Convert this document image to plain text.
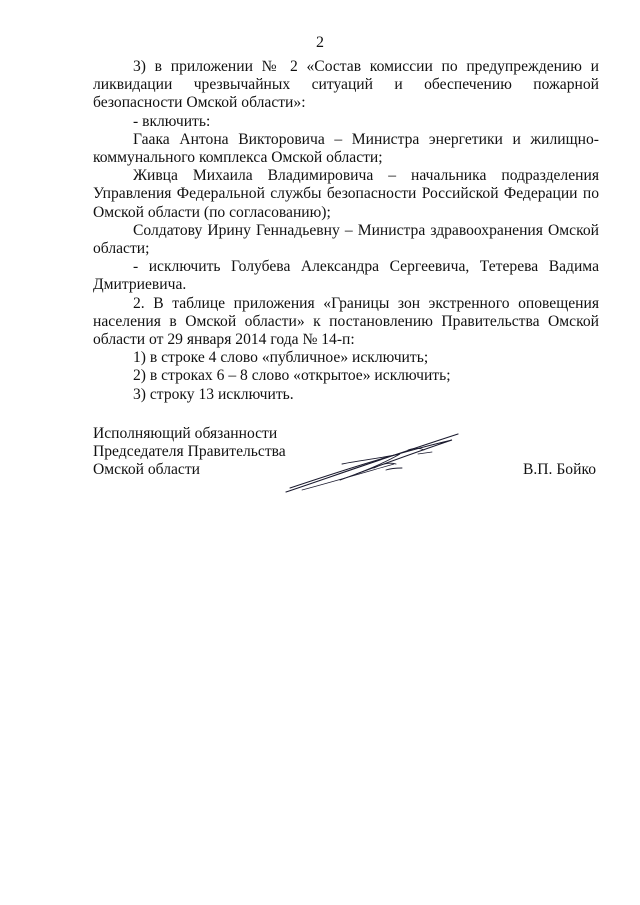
2

3) в приложении № 2 «Состав комиссии по предупреждению и ликвидации чрезвычайных ситуаций и обеспечению пожарной безопасности Омской области»:

- включить:

Гаака Антона Викторовича – Министра энергетики и жилищно-коммунального комплекса Омской области;

Живца Михаила Владимировича – начальника подразделения Управления Федеральной службы безопасности Российской Федерации по Омской области (по согласованию);

Солдатову Ирину Геннадьевну – Министра здравоохранения Омской области;

- исключить Голубева Александра Сергеевича, Тетерева Вадима Дмитриевича.

2. В таблице приложения «Границы зон экстренного оповещения населения в Омской области» к постановлению Правительства Омской области от 29 января 2014 года № 14-п:

1) в строке 4 слово «публичное» исключить;

2) в строках 6 – 8 слово «открытое» исключить;

3) строку 13 исключить.

Исполняющий обязанности
Председателя Правительства
Омской области	В.П. Бойко
